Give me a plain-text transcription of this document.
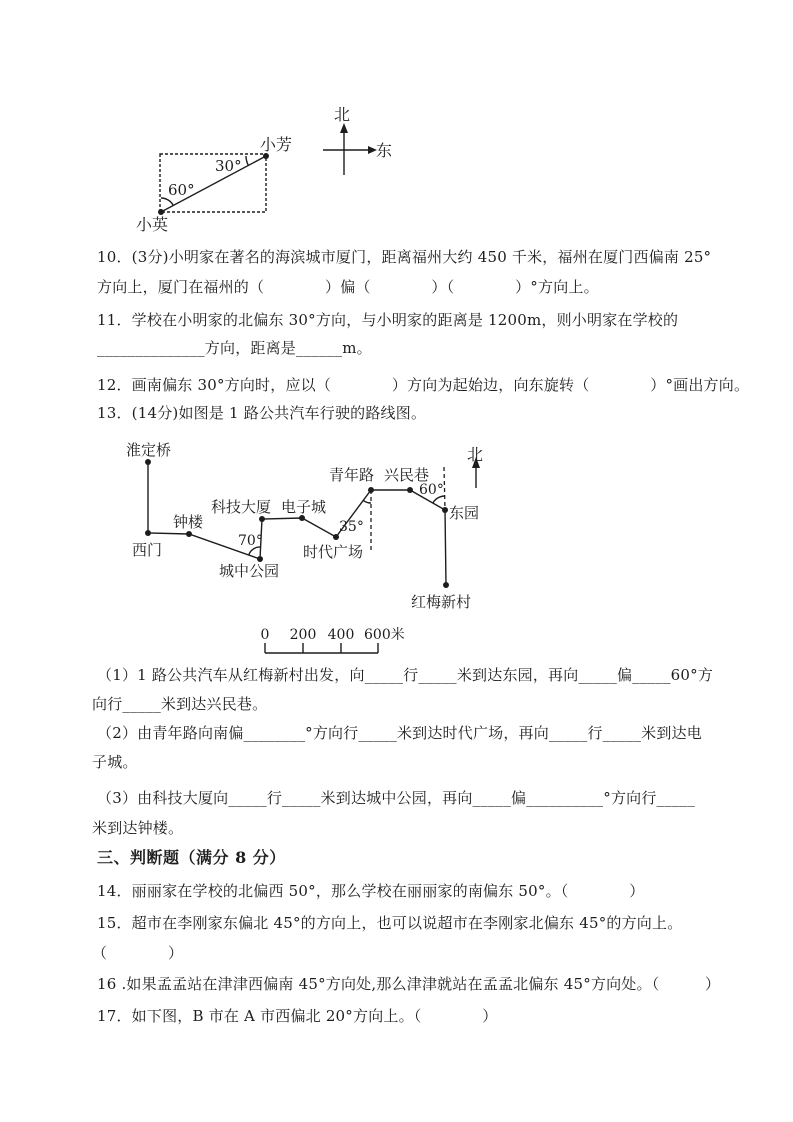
小芳
30°
60°
小英
北
东
10．(3分)小明家在著名的海滨城市厦门，距离福州大约 450 千米，福州在厦门西偏南 25°
方向上，厦门在福州的（　　　　）偏（　　　　）（　　　　）°方向上。
11．学校在小明家的北偏东 30°方向，与小明家的距离是 1200m，则小明家在学校的
______________方向，距离是______m。
12．画南偏东 30°方向时，应以（　　　　）方向为起始边，向东旋转（　　　　）°画出方向。
13．(14分)如图是 1 路公共汽车行驶的路线图。
淮定桥
钟楼
西门
城中公园
科技大厦 电子城
时代广场
青年路 兴民巷
东园
红梅新村
70°
35°
60°
北
0 200 400 600米
（1）1 路公共汽车从红梅新村出发，向_____行_____米到达东园，再向_____偏_____60°方
向行_____米到达兴民巷。
（2）由青年路向南偏________°方向行_____米到达时代广场，再向_____行_____米到达电
子城。
（3）由科技大厦向_____行_____米到达城中公园，再向_____偏__________°方向行_____
米到达钟楼。
三、判断题（满分 8 分）
14．丽丽家在学校的北偏西 50°，那么学校在丽丽家的南偏东 50°。（　　　　）
15．超市在李刚家东偏北 45°的方向上，也可以说超市在李刚家北偏东 45°的方向上。
（　　　　）
16 .如果孟孟站在津津西偏南 45°方向处,那么津津就站在孟孟北偏东 45°方向处。（　　　）
17．如下图，B 市在 A 市西偏北 20°方向上。（　　　　）
